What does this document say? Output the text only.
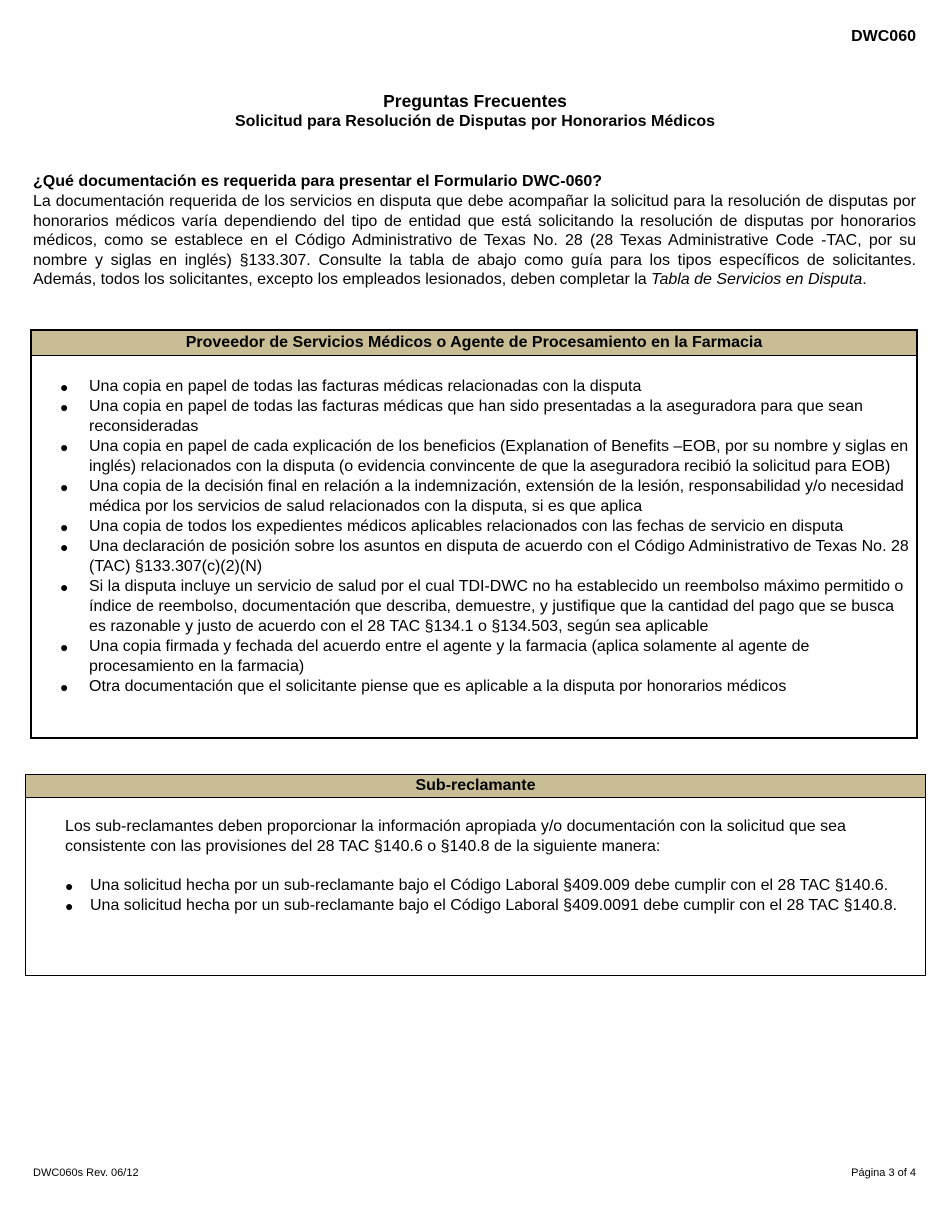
DWC060
Preguntas Frecuentes
Solicitud para Resolución de Disputas por Honorarios Médicos
¿Qué documentación es requerida para presentar el Formulario DWC-060?
La documentación requerida de los servicios en disputa que debe acompañar la solicitud para la resolución de disputas por honorarios médicos varía dependiendo del tipo de entidad que está solicitando la resolución de disputas por honorarios médicos, como se establece en el Código Administrativo de Texas No. 28 (28 Texas Administrative Code -TAC, por su nombre y siglas en inglés) §133.307. Consulte la tabla de abajo como guía para los tipos específicos de solicitantes. Además, todos los solicitantes, excepto los empleados lesionados, deben completar la Tabla de Servicios en Disputa.
Proveedor de Servicios Médicos o Agente de Procesamiento en la Farmacia
● Una copia en papel de todas las facturas médicas relacionadas con la disputa
● Una copia en papel de todas las facturas médicas que han sido presentadas a la aseguradora para que sean reconsideradas
● Una copia en papel de cada explicación de los beneficios (Explanation of Benefits –EOB, por su nombre y siglas en inglés) relacionados con la disputa (o evidencia convincente de que la aseguradora recibió la solicitud para EOB)
● Una copia de la decisión final en relación a la indemnización, extensión de la lesión, responsabilidad y/o necesidad médica por los servicios de salud relacionados con la disputa, si es que aplica
● Una copia de todos los expedientes médicos aplicables relacionados con las fechas de servicio en disputa
● Una declaración de posición sobre los asuntos en disputa de acuerdo con el Código Administrativo de Texas No. 28 (TAC) §133.307(c)(2)(N)
● Si la disputa incluye un servicio de salud por el cual TDI-DWC no ha establecido un reembolso máximo permitido o índice de reembolso, documentación que describa, demuestre, y justifique que la cantidad del pago que se busca es razonable y justo de acuerdo con el 28 TAC §134.1 o §134.503, según sea aplicable
● Una copia firmada y fechada del acuerdo entre el agente y la farmacia (aplica solamente al agente de procesamiento en la farmacia)
● Otra documentación que el solicitante piense que es aplicable a la disputa por honorarios médicos
Sub-reclamante
Los sub-reclamantes deben proporcionar la información apropiada y/o documentación con la solicitud que sea consistente con las provisiones del 28 TAC §140.6 o §140.8 de la siguiente manera:
● Una solicitud hecha por un sub-reclamante bajo el Código Laboral §409.009 debe cumplir con el 28 TAC §140.6.
● Una solicitud hecha por un sub-reclamante bajo el Código Laboral §409.0091 debe cumplir con el 28 TAC §140.8.
DWC060s Rev. 06/12	Página 3 of 4
